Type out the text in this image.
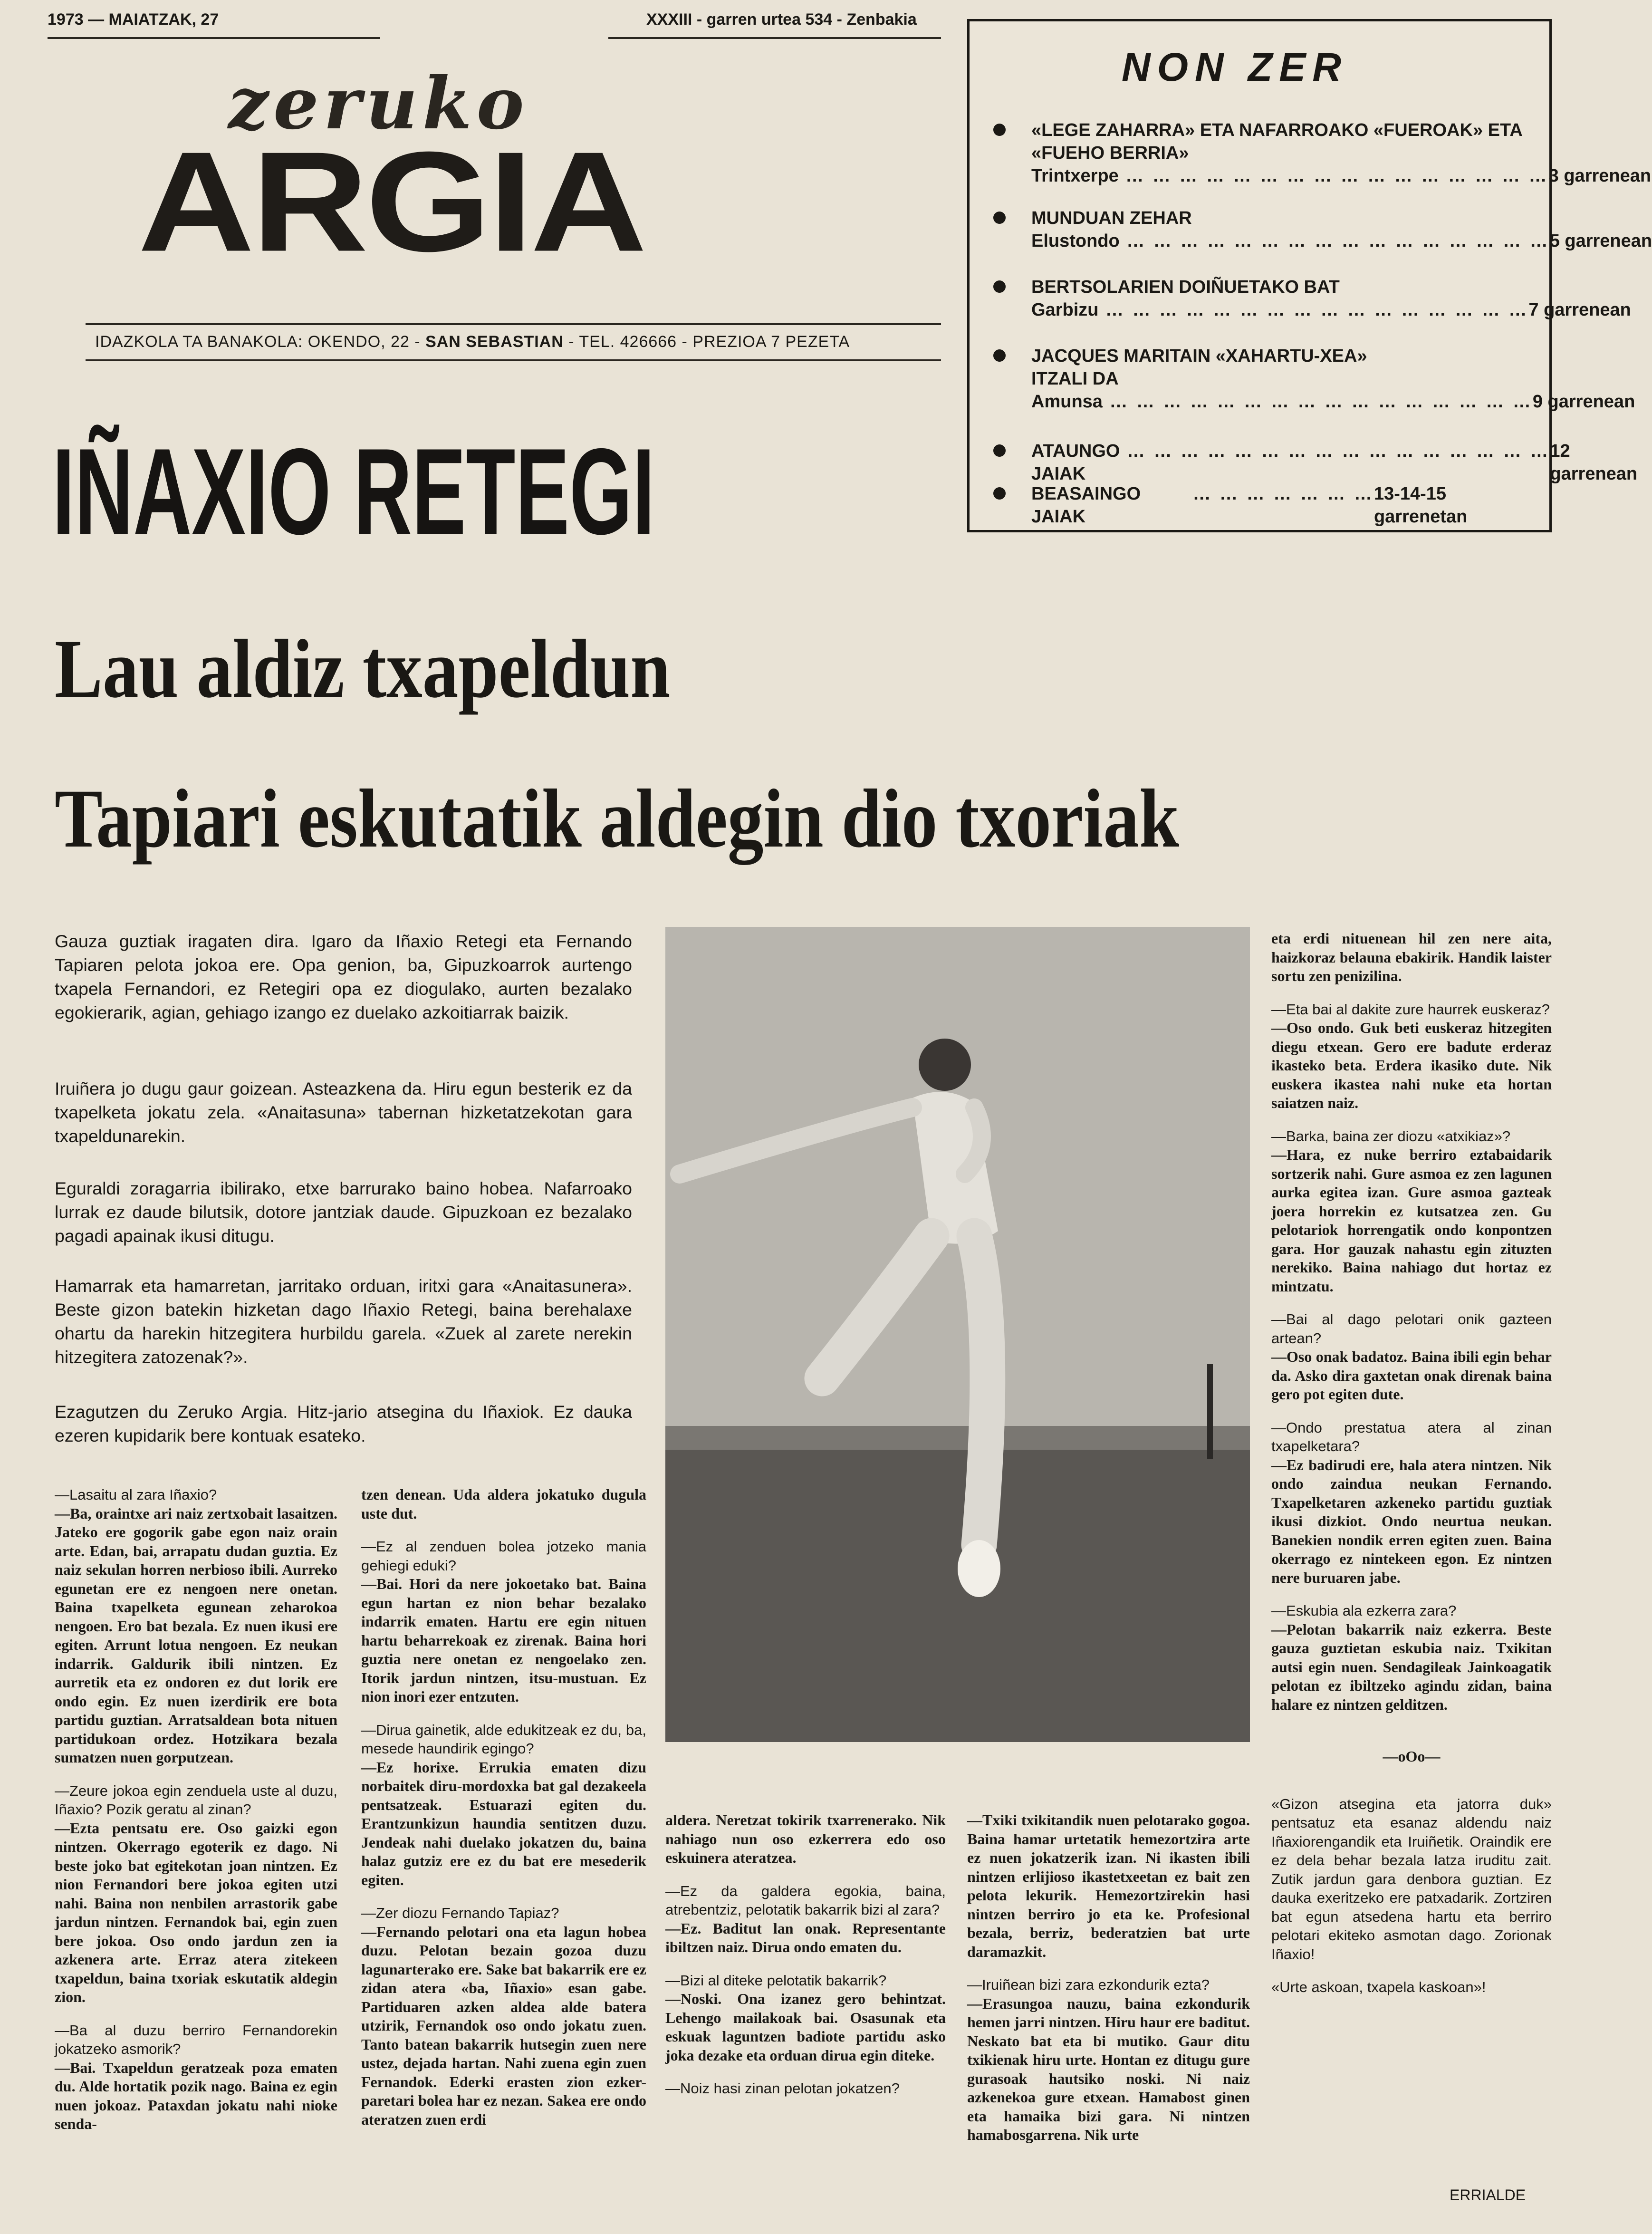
1973 — MAIATZAK, 27	XXXIII - garren urtea 534 - Zenbakia
zeruko
ARGIA
IDAZKOLA TA BANAKOLA: OKENDO, 22 - SAN SEBASTIAN - TEL. 426666 - PREZIOA 7 PEZETA
NON ZER
«LEGE ZAHARRA» ETA NAFARROAKO «FUEROAK» ETA «FUEHO BERRIA»
Trintxerpe … … … … … … … … … … … … … … … … 3 garrenean
MUNDUAN ZEHAR
Elustondo … … … … … … … … … … … … … … … … 5 garrenean
BERTSOLARIEN DOIÑUETAKO BAT
Garbizu … … … … … … … … … … … … … … … … 7 garrenean
JACQUES MARITAIN «XAHARTU-XEA» ITZALI DA
Amunsa … … … … … … … … … … … … … … … … 9 garrenean
ATAUNGO JAIAK
… … … … … … … … … … … … … … … … 12 garrenean
BEASAINGO JAIAK
… … … … … … … 13-14-15 garrenetan
IÑAXIO RETEGI
Lau aldiz txapeldun
Tapiari eskutatik aldegin dio txoriak
Gauza guztiak iragaten dira. Igaro da Iñaxio Retegi eta Fernando Tapiaren pelota jokoa ere. Opa genion, ba, Gipuzkoarrok aurtengo txapela Fernandori, ez Retegiri opa ez diogulako, aurten bezalako egokierarik, agian, gehiago izango ez duelako azkoitiarrak baizik.
Iruiñera jo dugu gaur goizean. Asteazkena da. Hiru egun besterik ez da txapelketa jokatu zela. «Anaitasuna» tabernan hizketatzekotan gara txapeldunarekin.
Eguraldi zoragarria ibilirako, etxe barrurako baino hobea. Nafarroako lurrak ez daude bilutsik, dotore jantziak daude. Gipuzkoan ez bezalako pagadi apainak ikusi ditugu.
Hamarrak eta hamarretan, jarritako orduan, iritxi gara «Anaitasunera». Beste gizon batekin hizketan dago Iñaxio Retegi, baina berehalaxe ohartu da harekin hitzegitera hurbildu garela. «Zuek al zarete nerekin hitzegitera zatozenak?».
Ezagutzen du Zeruko Argia. Hitz-jario atsegina du Iñaxiok. Ez dauka ezeren kupidarik bere kontuak esateko.

—Lasaitu al zara Iñaxio?

—Ba, oraintxe ari naiz zertxobait lasaitzen. Jateko ere gogorik gabe egon naiz orain arte. Edan, bai, arrapatu dudan guztia. Ez naiz sekulan horren nerbioso ibili. Aurreko egunetan ere ez nengoen nere onetan. Baina txapelketa egunean zeharokoa nengoen. Ero bat bezala. Ez nuen ikusi ere egiten. Arrunt lotua nengoen. Ez neukan indarrik. Galdurik ibili nintzen. Ez aurretik eta ez ondoren ez dut lorik ere ondo egin. Ez nuen izerdirik ere bota partidu guztian. Arratsaldean bota nituen partidukoan ordez. Hotzikara bezala sumatzen nuen gorputzean.

—Zeure jokoa egin zenduela uste al duzu, Iñaxio? Pozik geratu al zinan?

—Ezta pentsatu ere. Oso gaizki egon nintzen. Okerrago egoterik ez dago. Ni beste joko bat egitekotan joan nintzen. Ez nion Fernandori bere jokoa egiten utzi nahi. Baina non nenbilen arrastorik gabe jardun nintzen. Fernandok bai, egin zuen bere jokoa. Oso ondo jardun zen ia azkenera arte. Erraz atera zitekeen txapeldun, baina txoriak eskutatik aldegin zion.

—Ba al duzu berriro Fernandorekin jokatzeko asmorik?

—Bai. Txapeldun geratzeak poza ematen du. Alde hortatik pozik nago. Baina ez egin nuen jokoaz. Pataxdan jokatu nahi nioke senda-

tzen denean. Uda aldera jokatuko dugula uste dut.

—Ez al zenduen bolea jotzeko mania gehiegi eduki?

—Bai. Hori da nere jokoetako bat. Baina egun hartan ez nion behar bezalako indarrik ematen. Hartu ere egin nituen hartu beharrekoak ez zirenak. Baina hori guztia nere onetan ez nengoelako zen. Itorik jardun nintzen, itsu-mustuan. Ez nion inori ezer entzuten.

—Dirua gainetik, alde edukitzeak ez du, ba, mesede haundirik egingo?

—Ez horixe. Errukia ematen dizu norbaitek diru-mordoxka bat gal dezakeela pentsatzeak. Estuarazi egiten du. Erantzunkizun haundia sentitzen duzu. Jendeak nahi duelako jokatzen du, baina halaz gutziz ere ez du bat ere mesederik egiten.

—Zer diozu Fernando Tapiaz?

—Fernando pelotari ona eta lagun hobea duzu. Pelotan bezain gozoa duzu lagunarterako ere. Sake bat bakarrik ere ez zidan atera «ba, Iñaxio» esan gabe. Partiduaren azken aldea alde batera utzirik, Fernandok oso ondo jokatu zuen. Tanto batean bakarrik hutsegin zuen nere ustez, dejada hartan. Nahi zuena egin zuen Fernandok. Ederki erasten zion ezker-paretari bolea har ez nezan. Sakea ere ondo ateratzen zuen erdi

aldera. Neretzat tokirik txarrenerako. Nik nahiago nun oso ezkerrera edo oso eskuinera ateratzea.

—Ez da galdera egokia, baina, atrebentziz, pelotatik bakarrik bizi al zara?

—Ez. Baditut lan onak. Representante ibiltzen naiz. Dirua ondo ematen du.

—Bizi al diteke pelotatik bakarrik?

—Noski. Ona izanez gero behintzat. Lehengo mailakoak bai. Osasunak eta eskuak laguntzen badiote partidu asko joka dezake eta orduan dirua egin diteke.

—Noiz hasi zinan pelotan jokatzen?

—Txiki txikitandik nuen pelotarako gogoa. Baina hamar urtetatik hemezortzira arte ez nuen jokatzerik izan. Ni ikasten ibili nintzen erlijioso ikastetxeetan ez bait zen pelota lekurik. Hemezortzirekin hasi nintzen berriro jo eta ke. Profesional bezala, berriz, bederatzien bat urte daramazkit.

—Iruiñean bizi zara ezkondurik ezta?

—Erasungoa nauzu, baina ezkondurik hemen jarri nintzen. Hiru haur ere baditut. Neskato bat eta bi mutiko. Gaur ditu txikienak hiru urte. Hontan ez ditugu gure gurasoak hautsiko noski. Ni naiz azkenekoa gure etxean. Hamabost ginen eta hamaika bizi gara. Ni nintzen hamabosgarrena. Nik urte

eta erdi nituenean hil zen nere aita, haizkoraz belauna ebakirik. Handik laister sortu zen penizilina.

—Eta bai al dakite zure haurrek euskeraz?

—Oso ondo. Guk beti euskeraz hitzegiten diegu etxean. Gero ere badute erderaz ikasteko beta. Erdera ikasiko dute. Nik euskera ikastea nahi nuke eta hortan saiatzen naiz.

—Barka, baina zer diozu «atxikiaz»?

—Hara, ez nuke berriro eztabaidarik sortzerik nahi. Gure asmoa ez zen lagunen aurka egitea izan. Gure asmoa gazteak joera horrekin ez kutsatzea zen. Gu pelotariok horrengatik ondo konpontzen gara. Hor gauzak nahastu egin zituzten nerekiko. Baina nahiago dut hortaz ez mintzatu.

—Bai al dago pelotari onik gazteen artean?

—Oso onak badatoz. Baina ibili egin behar da. Asko dira gaxtetan onak direnak baina gero pot egiten dute.

—Ondo prestatua atera al zinan txapelketara?

—Ez badirudi ere, hala atera nintzen. Nik ondo zaindua neukan Fernando. Txapelketaren azkeneko partidu guztiak ikusi dizkiot. Ondo neurtua neukan. Banekien nondik erren egiten zuen. Baina okerrago ez nintekeen egon. Ez nintzen nere buruaren jabe.

—Eskubia ala ezkerra zara?

—Pelotan bakarrik naiz ezkerra. Beste gauza guztietan eskubia naiz. Txikitan autsi egin nuen. Sendagileak Jainkoagatik pelotan ez ibiltzeko agindu zidan, baina halare ez nintzen gelditzen.

—oOo—

«Gizon atsegina eta jatorra duk» pentsatuz eta esanaz aldendu naiz Iñaxiorengandik eta Iruiñetik. Oraindik ere ez dela behar bezala latza iruditu zait. Zutik jardun gara denbora guztian. Ez dauka exeritzeko ere patxadarik. Zortziren bat egun atsedena hartu eta berriro pelotari ekiteko asmotan dago. Zorionak Iñaxio!

«Urte askoan, txapela kaskoan»!

ERRIALDE
